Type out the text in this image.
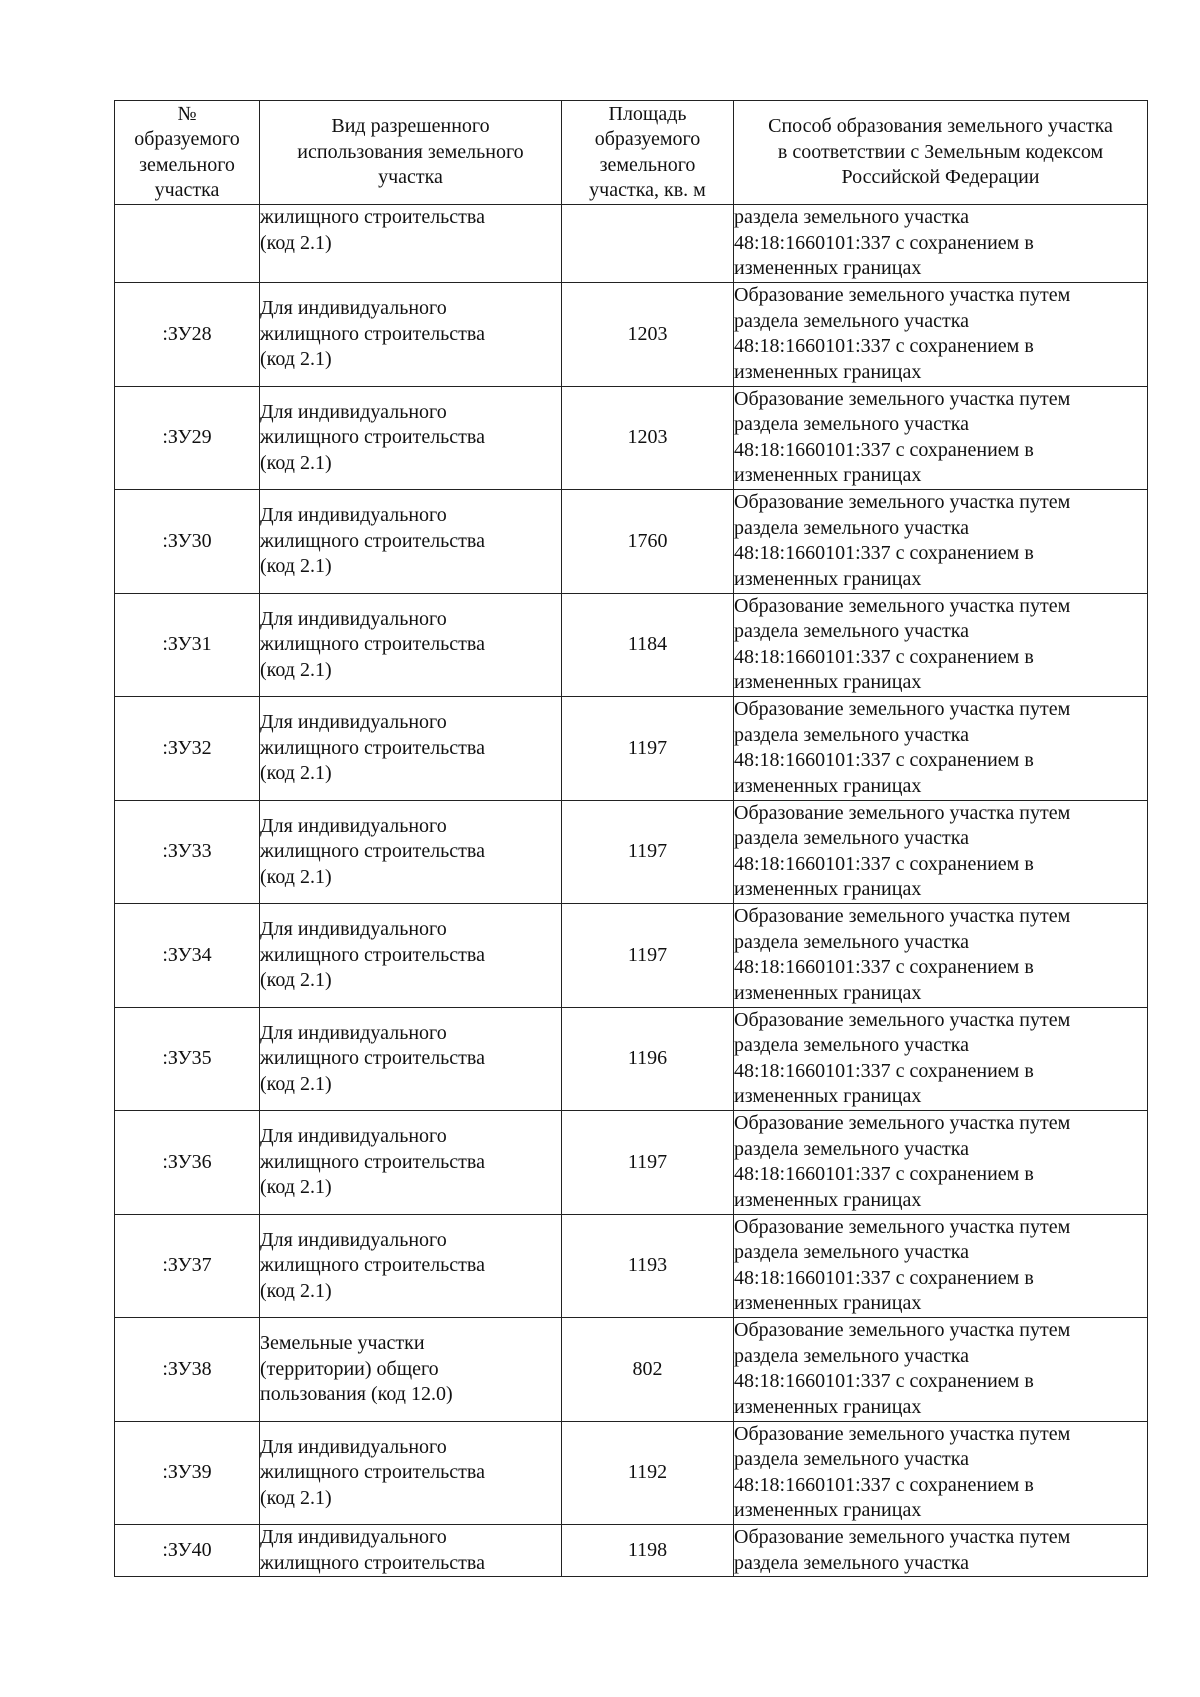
№
образуемого
земельного
участка	Вид разрешенного
использования земельного
участка	Площадь
образуемого
земельного
участка, кв. м	Способ образования земельного участка
в соответствии с Земельным кодексом
Российской Федерации

	жилищного строительства
(код 2.1)		раздела земельного участка
48:18:1660101:337 с сохранением в
измененных границах

:ЗУ28	Для индивидуального
жилищного строительства
(код 2.1)	1203	Образование земельного участка путем
раздела земельного участка
48:18:1660101:337 с сохранением в
измененных границах

:ЗУ29	Для индивидуального
жилищного строительства
(код 2.1)	1203	Образование земельного участка путем
раздела земельного участка
48:18:1660101:337 с сохранением в
измененных границах

:ЗУ30	Для индивидуального
жилищного строительства
(код 2.1)	1760	Образование земельного участка путем
раздела земельного участка
48:18:1660101:337 с сохранением в
измененных границах

:ЗУ31	Для индивидуального
жилищного строительства
(код 2.1)	1184	Образование земельного участка путем
раздела земельного участка
48:18:1660101:337 с сохранением в
измененных границах

:ЗУ32	Для индивидуального
жилищного строительства
(код 2.1)	1197	Образование земельного участка путем
раздела земельного участка
48:18:1660101:337 с сохранением в
измененных границах

:ЗУ33	Для индивидуального
жилищного строительства
(код 2.1)	1197	Образование земельного участка путем
раздела земельного участка
48:18:1660101:337 с сохранением в
измененных границах

:ЗУ34	Для индивидуального
жилищного строительства
(код 2.1)	1197	Образование земельного участка путем
раздела земельного участка
48:18:1660101:337 с сохранением в
измененных границах

:ЗУ35	Для индивидуального
жилищного строительства
(код 2.1)	1196	Образование земельного участка путем
раздела земельного участка
48:18:1660101:337 с сохранением в
измененных границах

:ЗУ36	Для индивидуального
жилищного строительства
(код 2.1)	1197	Образование земельного участка путем
раздела земельного участка
48:18:1660101:337 с сохранением в
измененных границах

:ЗУ37	Для индивидуального
жилищного строительства
(код 2.1)	1193	Образование земельного участка путем
раздела земельного участка
48:18:1660101:337 с сохранением в
измененных границах

:ЗУ38	Земельные участки
(территории) общего
пользования (код 12.0)	802	Образование земельного участка путем
раздела земельного участка
48:18:1660101:337 с сохранением в
измененных границах

:ЗУ39	Для индивидуального
жилищного строительства
(код 2.1)	1192	Образование земельного участка путем
раздела земельного участка
48:18:1660101:337 с сохранением в
измененных границах

:ЗУ40	Для индивидуального
жилищного строительства	1198	Образование земельного участка путем
раздела земельного участка
